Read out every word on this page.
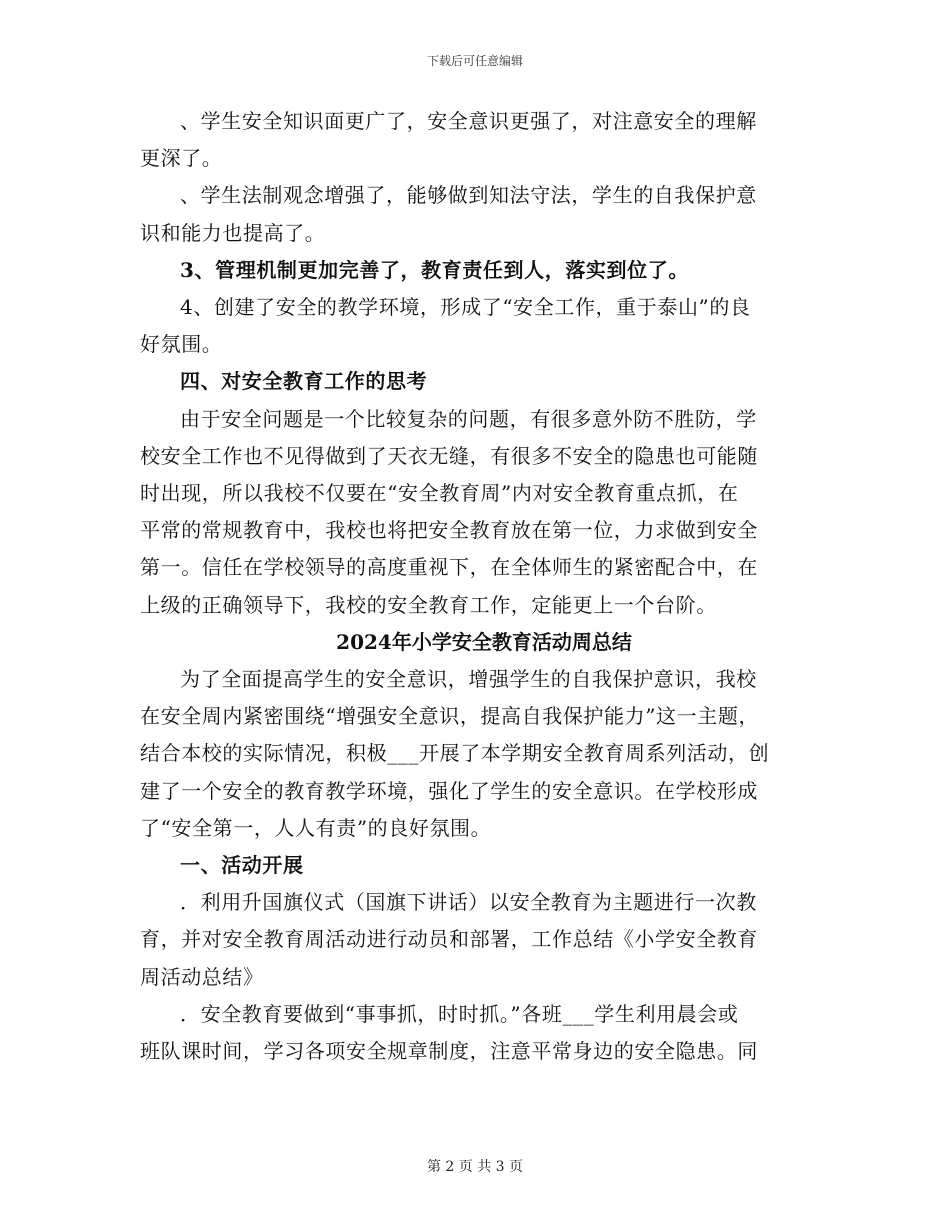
下载后可任意编辑

、学生安全知识面更广了，安全意识更强了，对注意安全的理解
更深了。

、学生法制观念增强了，能够做到知法守法，学生的自我保护意
识和能力也提高了。

3、管理机制更加完善了，教育责任到人，落实到位了。

4、创建了安全的教学环境，形成了“安全工作，重于泰山”的良
好氛围。

四、对安全教育工作的思考

由于安全问题是一个比较复杂的问题，有很多意外防不胜防，学
校安全工作也不见得做到了天衣无缝，有很多不安全的隐患也可能随
时出现，所以我校不仅要在“安全教育周”内对安全教育重点抓，在
平常的常规教育中，我校也将把安全教育放在第一位，力求做到安全
第一。信任在学校领导的高度重视下，在全体师生的紧密配合中，在
上级的正确领导下，我校的安全教育工作，定能更上一个台阶。

2024年小学安全教育活动周总结

为了全面提高学生的安全意识，增强学生的自我保护意识，我校
在安全周内紧密围绕“增强安全意识，提高自我保护能力”这一主题，
结合本校的实际情况，积极___开展了本学期安全教育周系列活动，创
建了一个安全的教育教学环境，强化了学生的安全意识。在学校形成
了“安全第一，人人有责”的良好氛围。

一、活动开展

．利用升国旗仪式（国旗下讲话）以安全教育为主题进行一次教
育，并对安全教育周活动进行动员和部署，工作总结《小学安全教育
周活动总结》

．安全教育要做到“事事抓，时时抓。”各班___学生利用晨会或
班队课时间，学习各项安全规章制度，注意平常身边的安全隐患。同

第 2 页 共 3 页
